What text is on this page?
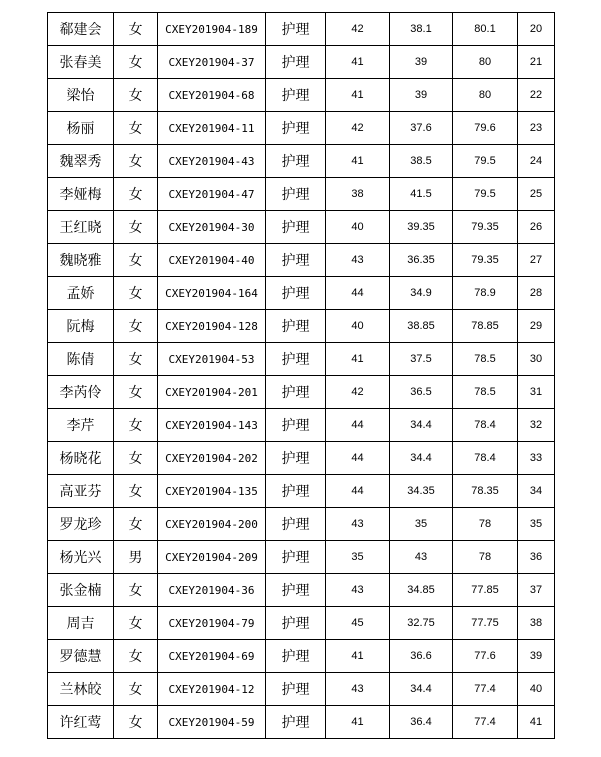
郗建会	女	CXEY201904-189	护理	42	38.1	80.1	20
张春美	女	CXEY201904-37	护理	41	39	80	21
梁怡	女	CXEY201904-68	护理	41	39	80	22
杨丽	女	CXEY201904-11	护理	42	37.6	79.6	23
魏翠秀	女	CXEY201904-43	护理	41	38.5	79.5	24
李娅梅	女	CXEY201904-47	护理	38	41.5	79.5	25
王红晓	女	CXEY201904-30	护理	40	39.35	79.35	26
魏晓雅	女	CXEY201904-40	护理	43	36.35	79.35	27
孟娇	女	CXEY201904-164	护理	44	34.9	78.9	28
阮梅	女	CXEY201904-128	护理	40	38.85	78.85	29
陈倩	女	CXEY201904-53	护理	41	37.5	78.5	30
李芮伶	女	CXEY201904-201	护理	42	36.5	78.5	31
李芹	女	CXEY201904-143	护理	44	34.4	78.4	32
杨晓花	女	CXEY201904-202	护理	44	34.4	78.4	33
高亚芬	女	CXEY201904-135	护理	44	34.35	78.35	34
罗龙珍	女	CXEY201904-200	护理	43	35	78	35
杨光兴	男	CXEY201904-209	护理	35	43	78	36
张金楠	女	CXEY201904-36	护理	43	34.85	77.85	37
周吉	女	CXEY201904-79	护理	45	32.75	77.75	38
罗德慧	女	CXEY201904-69	护理	41	36.6	77.6	39
兰林皎	女	CXEY201904-12	护理	43	34.4	77.4	40
许红莺	女	CXEY201904-59	护理	41	36.4	77.4	41
